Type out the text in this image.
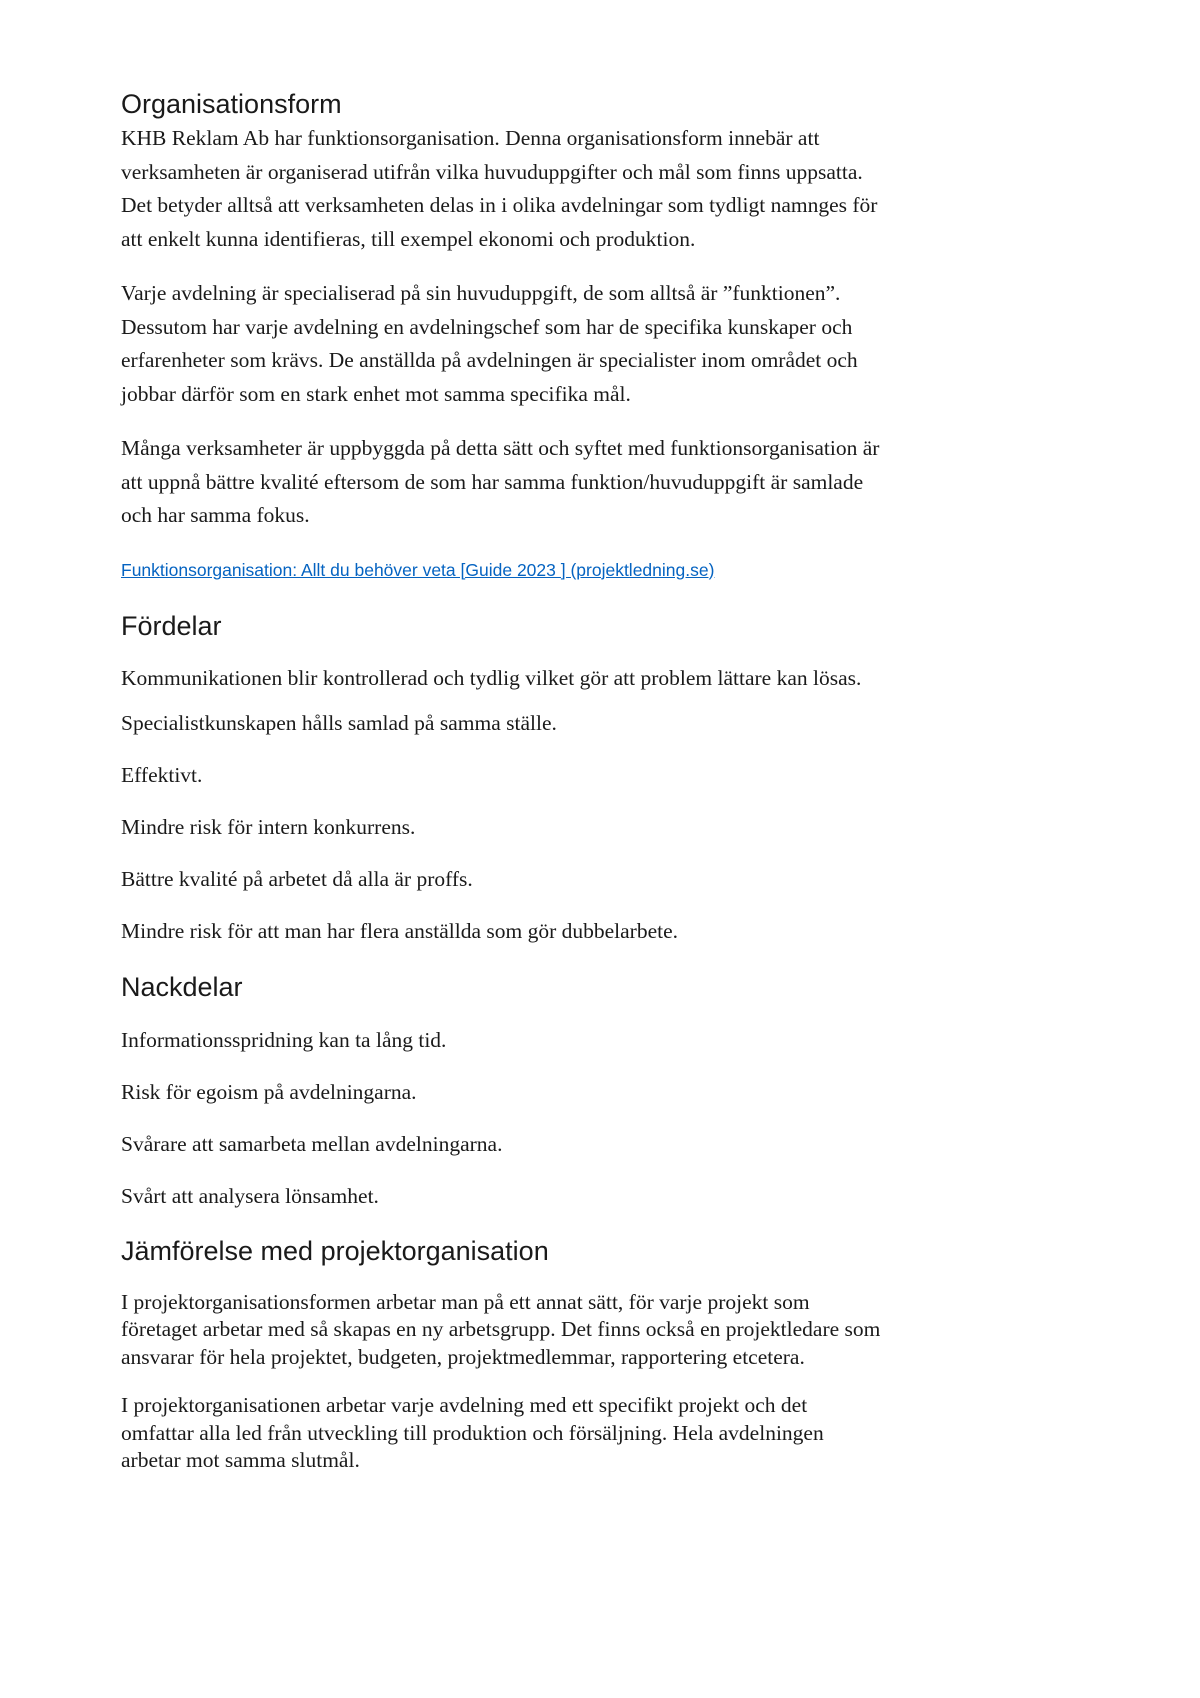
Organisationsform

KHB Reklam Ab har funktionsorganisation. Denna organisationsform innebär att verksamheten är organiserad utifrån vilka huvuduppgifter och mål som finns uppsatta. Det betyder alltså att verksamheten delas in i olika avdelningar som tydligt namnges för att enkelt kunna identifieras, till exempel ekonomi och produktion.

Varje avdelning är specialiserad på sin huvuduppgift, de som alltså är ”funktionen”. Dessutom har varje avdelning en avdelningschef som har de specifika kunskaper och erfarenheter som krävs. De anställda på avdelningen är specialister inom området och jobbar därför som en stark enhet mot samma specifika mål.

Många verksamheter är uppbyggda på detta sätt och syftet med funktionsorganisation är att uppnå bättre kvalité eftersom de som har samma funktion/huvuduppgift är samlade och har samma fokus.

Funktionsorganisation: Allt du behöver veta [Guide 2023 ] (projektledning.se)
Fördelar

Kommunikationen blir kontrollerad och tydlig vilket gör att problem lättare kan lösas.

Specialistkunskapen hålls samlad på samma ställe.

Effektivt.

Mindre risk för intern konkurrens.

Bättre kvalité på arbetet då alla är proffs.

Mindre risk för att man har flera anställda som gör dubbelarbete.

Nackdelar

Informationsspridning kan ta lång tid.

Risk för egoism på avdelningarna.

Svårare att samarbeta mellan avdelningarna.

Svårt att analysera lönsamhet.

Jämförelse med projektorganisation

I projektorganisationsformen arbetar man på ett annat sätt, för varje projekt som företaget arbetar med så skapas en ny arbetsgrupp. Det finns också en projektledare som ansvarar för hela projektet, budgeten, projektmedlemmar, rapportering etcetera.

I projektorganisationen arbetar varje avdelning med ett specifikt projekt och det omfattar alla led från utveckling till produktion och försäljning. Hela avdelningen arbetar mot samma slutmål.
